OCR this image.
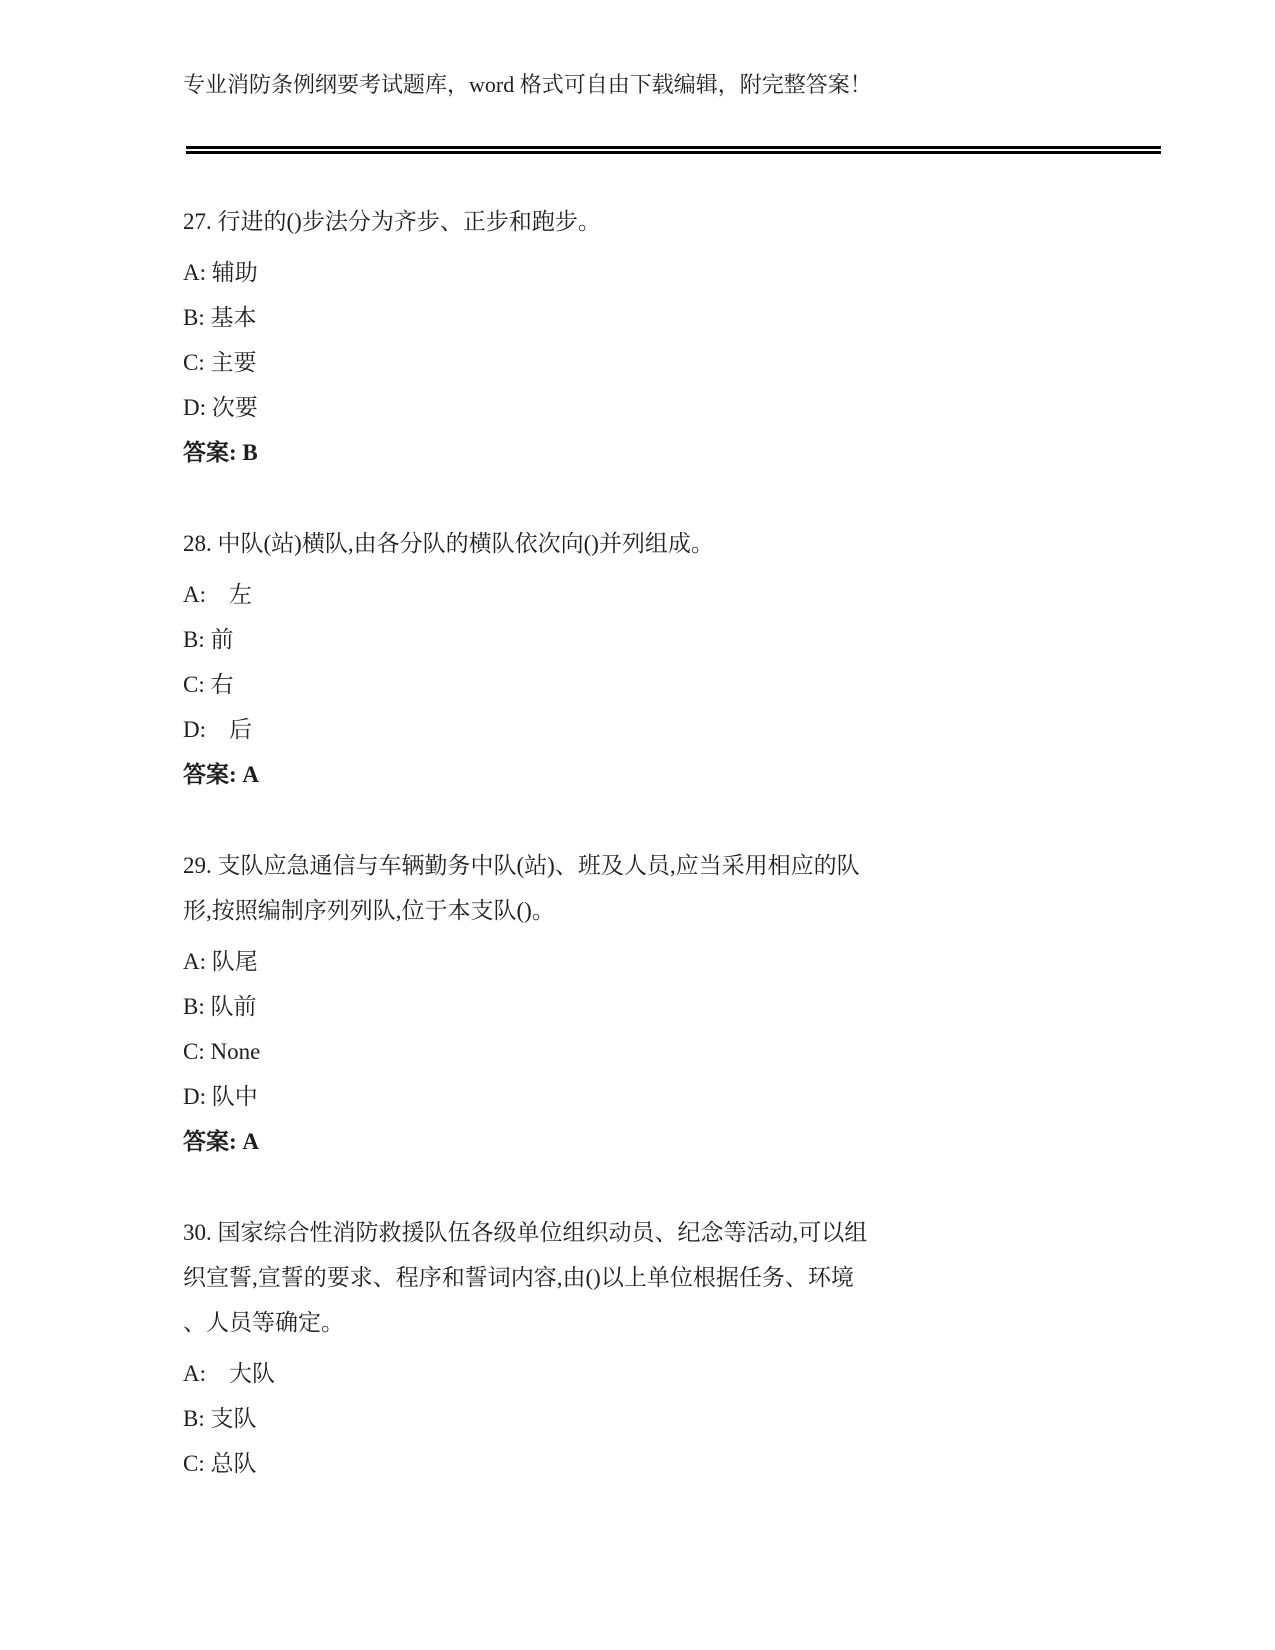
专业消防条例纲要考试题库，word 格式可自由下载编辑，附完整答案！
27. 行进的()步法分为齐步、正步和跑步。
A: 辅助
B: 基本
C: 主要
D: 次要
答案: B
28. 中队(站)横队,由各分队的横队依次向()并列组成。
A:　左
B: 前
C: 右
D:　后
答案: A
29. 支队应急通信与车辆勤务中队(站)、班及人员,应当采用相应的队
形,按照编制序列列队,位于本支队()。
A: 队尾
B: 队前
C: None
D: 队中
答案: A
30. 国家综合性消防救援队伍各级单位组织动员、纪念等活动,可以组
织宣誓,宣誓的要求、程序和誓词内容,由()以上单位根据任务、环境
、人员等确定。
A:　大队
B: 支队
C: 总队
